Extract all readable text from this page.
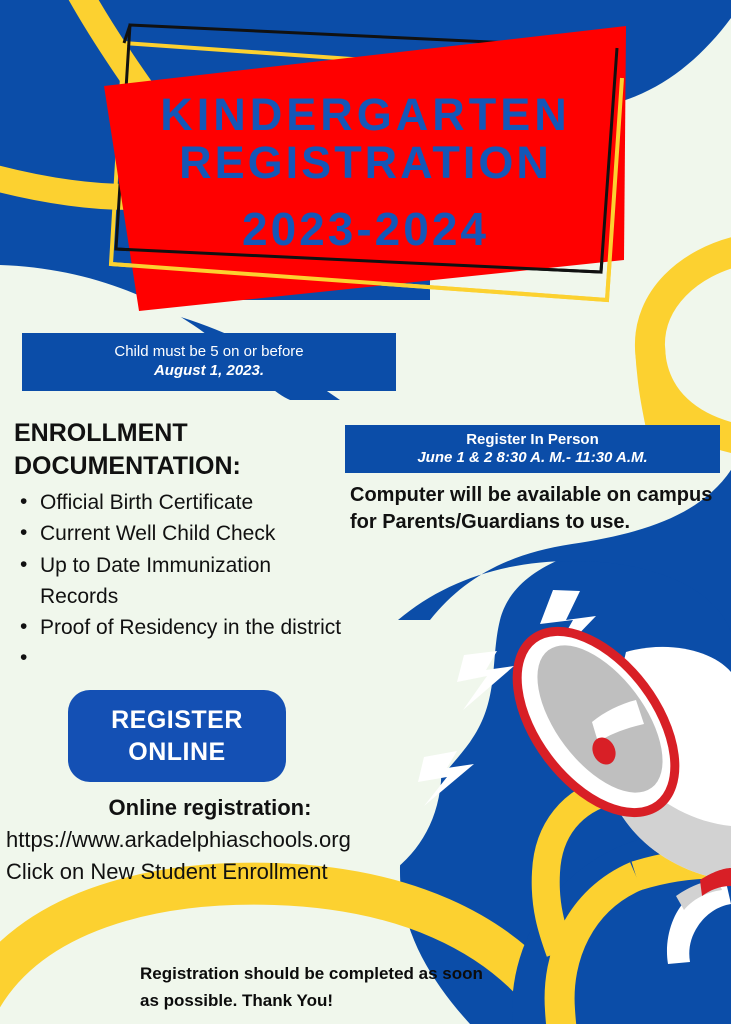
KINDERGARTEN
REGISTRATION
2023-2024
Child must be 5 on or before
August 1, 2023.
ENROLLMENT
DOCUMENTATION:
• Official Birth Certificate
• Current Well Child Check
• Up to Date Immunization Records
• Proof of Residency in the district
•
Register In Person
June 1 & 2 8:30 A. M.- 11:30 A.M.
Computer will be available on campus for Parents/Guardians to use.
REGISTER
ONLINE
Online registration:
https://www.arkadelphiaschools.org
Click on New Student Enrollment
Registration should be completed as soon
as possible. Thank You!
